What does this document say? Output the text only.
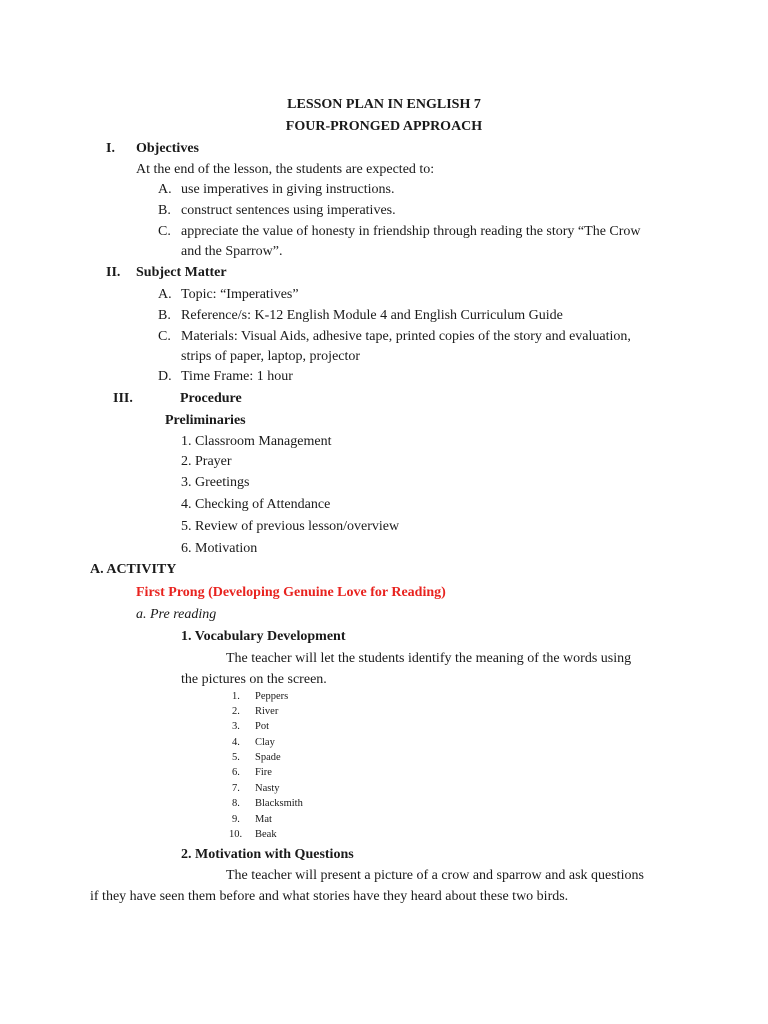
LESSON PLAN IN ENGLISH 7
FOUR-PRONGED APPROACH
I. Objectives
At the end of the lesson, the students are expected to:
A. use imperatives in giving instructions.
B. construct sentences using imperatives.
C. appreciate the value of honesty in friendship through reading the story “The Crow
and the Sparrow”.
II. Subject Matter
A. Topic: “Imperatives”
B. Reference/s: K-12 English Module 4 and English Curriculum Guide
C. Materials: Visual Aids, adhesive tape, printed copies of the story and evaluation,
strips of paper, laptop, projector
D. Time Frame: 1 hour
III.	Procedure
Preliminaries
1. Classroom Management
2. Prayer
3. Greetings
4. Checking of Attendance
5. Review of previous lesson/overview
6. Motivation
A. ACTIVITY
First Prong (Developing Genuine Love for Reading)
a. Pre reading
1. Vocabulary Development
The teacher will let the students identify the meaning of the words using
the pictures on the screen.
1. Peppers
2. River
3. Pot
4. Clay
5. Spade
6. Fire
7. Nasty
8. Blacksmith
9. Mat
10. Beak
2. Motivation with Questions
The teacher will present a picture of a crow and sparrow and ask questions
if they have seen them before and what stories have they heard about these two birds.
